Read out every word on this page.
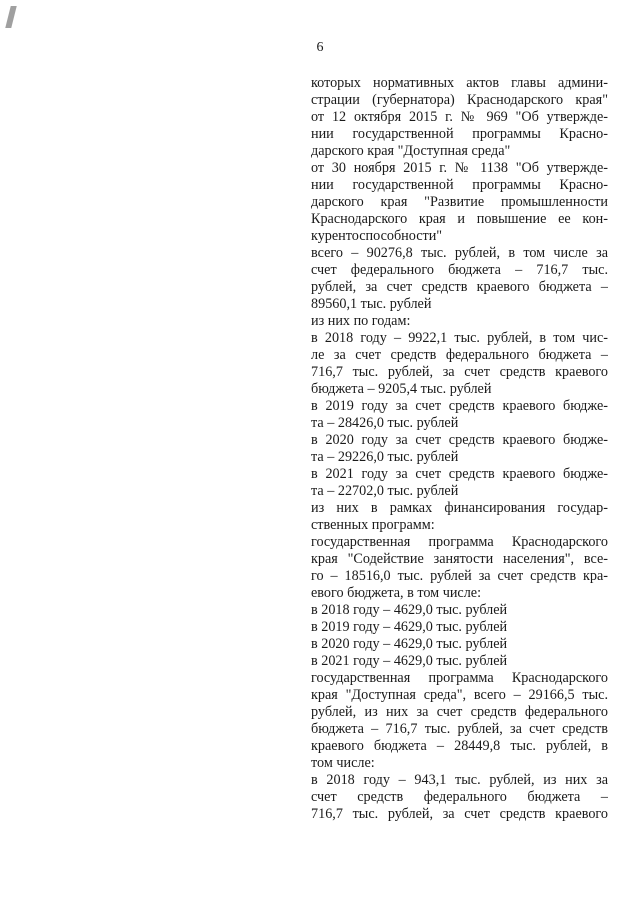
6
которых нормативных актов главы админи-
страции (губернатора) Краснодарского края"
от 12 октября 2015 г. № 969 "Об утвержде-
нии государственной программы Красно-
дарского края "Доступная среда"
от 30 ноября 2015 г. № 1138 "Об утвержде-
нии государственной программы Красно-
дарского края "Развитие промышленности
Краснодарского края и повышение ее кон-
курентоспособности"
всего – 90276,8 тыс. рублей, в том числе за
счет федерального бюджета – 716,7 тыс.
рублей, за счет средств краевого бюджета –
89560,1 тыс. рублей
из них по годам:
в 2018 году – 9922,1 тыс. рублей, в том чис-
ле за счет средств федерального бюджета –
716,7 тыс. рублей, за счет средств краевого
бюджета – 9205,4 тыс. рублей
в 2019 году за счет средств краевого бюдже-
та – 28426,0 тыс. рублей
в 2020 году за счет средств краевого бюдже-
та – 29226,0 тыс. рублей
в 2021 году за счет средств краевого бюдже-
та – 22702,0 тыс. рублей
из них в рамках финансирования государ-
ственных программ:
государственная программа Краснодарского
края "Содействие занятости населения", все-
го – 18516,0 тыс. рублей за счет средств кра-
евого бюджета, в том числе:
в 2018 году – 4629,0 тыс. рублей
в 2019 году – 4629,0 тыс. рублей
в 2020 году – 4629,0 тыс. рублей
в 2021 году – 4629,0 тыс. рублей
государственная программа Краснодарского
края "Доступная среда", всего – 29166,5 тыс.
рублей, из них за счет средств федерального
бюджета – 716,7 тыс. рублей, за счет средств
краевого бюджета – 28449,8 тыс. рублей, в
том числе:
в 2018 году – 943,1 тыс. рублей, из них за
счет средств федерального бюджета –
716,7 тыс. рублей, за счет средств краевого
